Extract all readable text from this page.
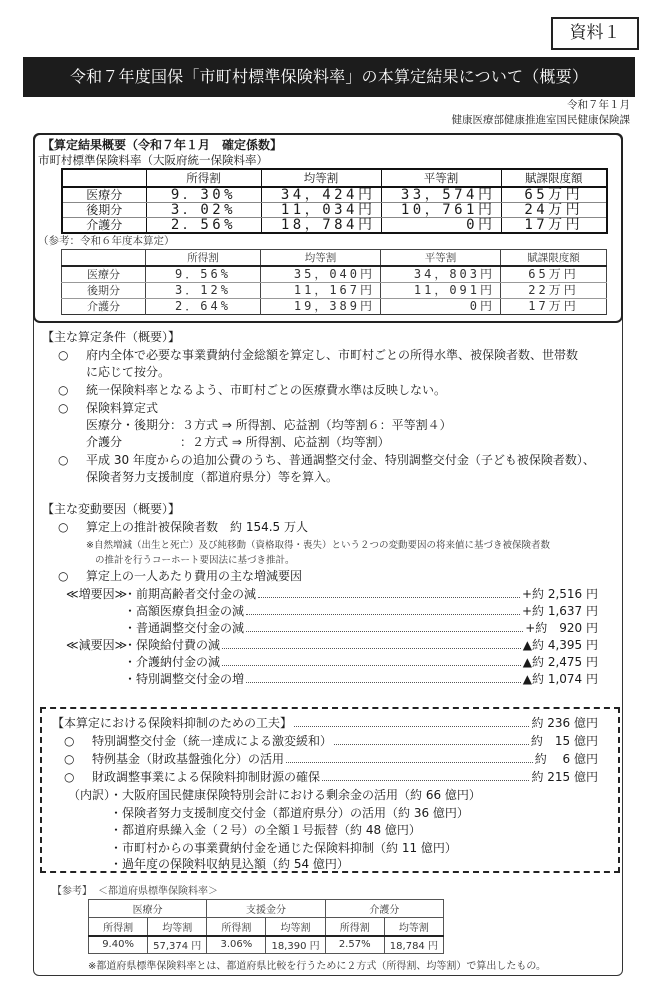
資料１
令和７年度国保「市町村標準保険料率」の本算定結果について（概要）
令和７年１月
健康医療部健康推進室国民健康保険課
【算定結果概要（令和７年１月　確定係数】
市町村標準保険料率（大阪府統一保険料率）
	所得割	均等割	平等割	賦課限度額
医療分	9．30%	34，424円	33，574円	65万円
後期分	3．02%	11，034円	10，761円	24万円
介護分	2．56%	18，784円	0円	17万円
（参考：令和６年度本算定）
	所得割	均等割	平等割	賦課限度額
医療分	9．56%	35，040円	34，803円	65万円
後期分	3．12%	11，167円	11，091円	22万円
介護分	2．64%	19，389円	0円	17万円
【主な算定条件（概要）】
○ 府内全体で必要な事業費納付金総額を算定し、市町村ごとの所得水準、被保険者数、世帯数
に応じて按分。
○ 統一保険料率となるよう、市町村ごとの医療費水準は反映しない。
○ 保険料算定式
医療分・後期分：３方式 ⇒ 所得割、応益割（均等割６：平等割４）
介護分	：２方式 ⇒ 所得割、応益割（均等割）
○ 平成 30 年度からの追加公費のうち、普通調整交付金、特別調整交付金（子ども被保険者数）、
保険者努力支援制度（都道府県分）等を算入。
【主な変動要因（概要）】
○ 算定上の推計被保険者数　約 154.5 万人
※自然増減（出生と死亡）及び純移動（資格取得・喪失）という２つの変動要因の将来値に基づき被保険者数
の推計を行うコーホート要因法に基づき推計。
○ 算定上の一人あたり費用の主な増減要因
≪増要因≫
・前期高齢者交付金の減	+約 2,516 円
・高額医療負担金の減	+約 1,637 円
・普通調整交付金の減	+約　920 円
≪減要因≫
・保険給付費の減	▲約 4,395 円
・介護納付金の減	▲約 2,475 円
・特別調整交付金の増	▲約 1,074 円
【本算定における保険料抑制のための工夫】	約 236 億円
○	特別調整交付金（統一達成による激変緩和）	約　15 億円
○	特例基金（財政基盤強化分）の活用	約　 6 億円
○	財政調整事業による保険料抑制財源の確保	約 215 億円
（内訳）
・大阪府国民健康保険特別会計における剰余金の活用（約 66 億円）
・保険者努力支援制度交付金（都道府県分）の活用（約 36 億円）
・都道府県繰入金（２号）の全額１号振替（約 48 億円）
・市町村からの事業費納付金を通じた保険料抑制（約 11 億円）
・過年度の保険料収納見込額（約 54 億円）
【参考】 ＜都道府県標準保険料率＞
医療分		支援金分		介護分	
所得割	均等割	所得割	均等割	所得割	均等割
9.40%	57,374 円	3.06%	18,390 円	2.57%	18,784 円
※都道府県標準保険料率とは、都道府県比較を行うために２方式（所得割、均等割）で算出したもの。
